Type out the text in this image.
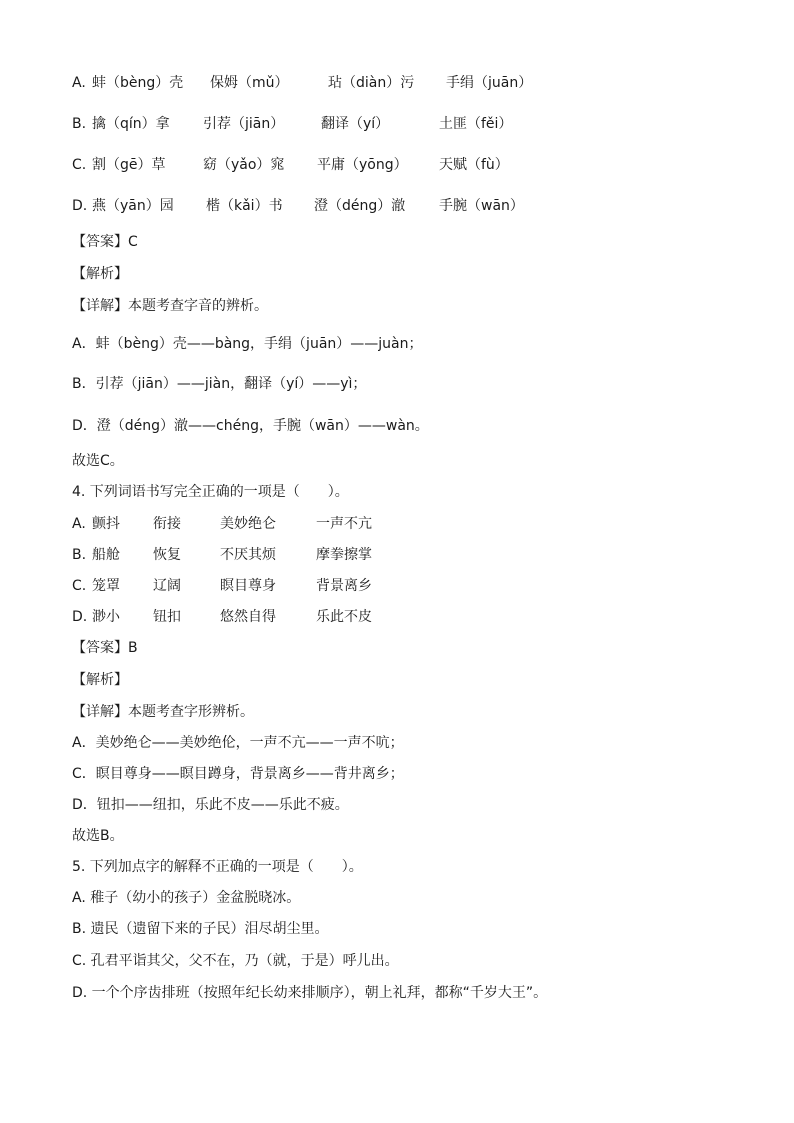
A. 蚌（bèng）壳 保姆（mǔ）	玷（diàn）污 手绢（juān）
B. 擒（qín）拿 引荐（jiān）	翻译（yí）	土匪（fěi）
C. 割（gē）草	窈（yǎo）窕 平庸（yōng） 天赋（fù）
D. 燕（yān）园 楷（kǎi）书 澄（déng）澈 手腕（wān）
【答案】C
【解析】
【详解】本题考查字音的辨析。
A．蚌（bèng）壳——bàng，手绢（juān）——juàn；
B．引荐（jiān）——jiàn，翻译（yí）——yì；
D．澄（déng）澈——chéng，手腕（wān）——wàn。
故选C。
4. 下列词语书写完全正确的一项是（　　）。
A. 颤抖 衔接	美妙绝仑	一声不亢
B. 船舱 恢复	不厌其烦	摩拳擦掌
C. 笼罩 辽阔	瞑目尊身	背景离乡
D. 渺小 钮扣	悠然自得	乐此不皮
【答案】B
【解析】
【详解】本题考查字形辨析。
A．美妙绝仑——美妙绝伦，一声不亢——一声不吭；
C．瞑目尊身——瞑目蹲身，背景离乡——背井离乡；
D．钮扣——纽扣，乐此不皮——乐此不疲。
故选B。
5. 下列加点字的解释不正确的一项是（　　）。
A. 稚子（幼小的孩子）金盆脱晓冰。
B. 遗民（遗留下来的子民）泪尽胡尘里。
C. 孔君平诣其父，父不在，乃（就，于是）呼儿出。
D. 一个个序齿排班（按照年纪长幼来排顺序），朝上礼拜，都称“千岁大王”。
